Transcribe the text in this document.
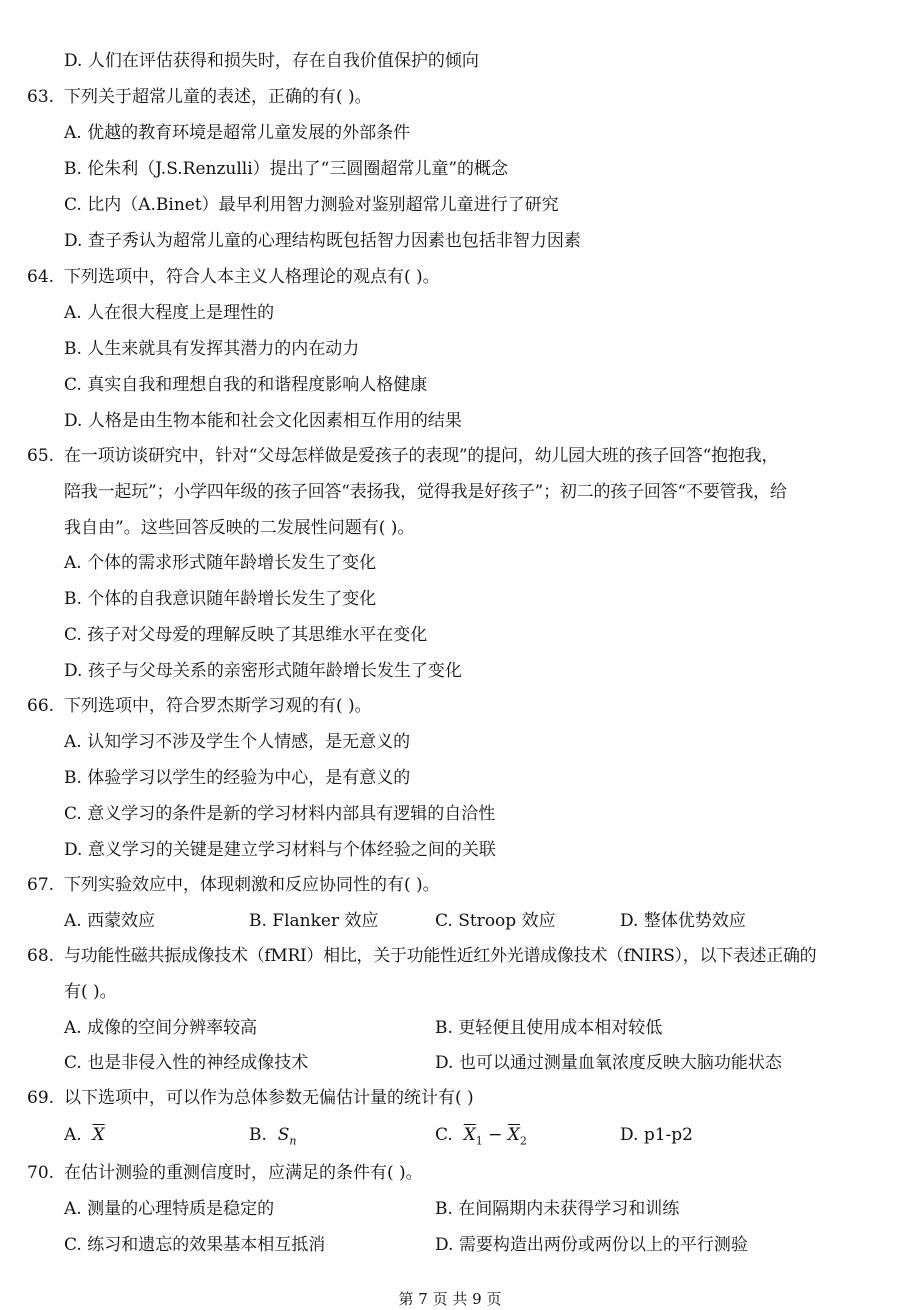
D. 人们在评估获得和损失时，存在自我价值保护的倾向
63. 下列关于超常儿童的表述，正确的有( )。
A. 优越的教育环境是超常儿童发展的外部条件
B. 伦朱利（J.S.Renzulli）提出了“三圆圈超常儿童”的概念
C. 比内（A.Binet）最早利用智力测验对鉴别超常儿童进行了研究
D. 查子秀认为超常儿童的心理结构既包括智力因素也包括非智力因素
64. 下列选项中，符合人本主义人格理论的观点有( )。
A. 人在很大程度上是理性的
B. 人生来就具有发挥其潜力的内在动力
C. 真实自我和理想自我的和谐程度影响人格健康
D. 人格是由生物本能和社会文化因素相互作用的结果
65. 在一项访谈研究中，针对“父母怎样做是爱孩子的表现”的提问，幼儿园大班的孩子回答“抱抱我，
陪我一起玩”；小学四年级的孩子回答“表扬我，觉得我是好孩子”；初二的孩子回答“不要管我，给
我自由”。这些回答反映的二发展性问题有( )。
A. 个体的需求形式随年龄增长发生了变化
B. 个体的自我意识随年龄增长发生了变化
C. 孩子对父母爱的理解反映了其思维水平在变化
D. 孩子与父母关系的亲密形式随年龄增长发生了变化
66. 下列选项中，符合罗杰斯学习观的有( )。
A. 认知学习不涉及学生个人情感，是无意义的
B. 体验学习以学生的经验为中心，是有意义的
C. 意义学习的条件是新的学习材料内部具有逻辑的自洽性
D. 意义学习的关键是建立学习材料与个体经验之间的关联
67. 下列实验效应中，体现刺激和反应协同性的有( )。
A. 西蒙效应	B. Flanker 效应	C. Stroop 效应	D. 整体优势效应
68. 与功能性磁共振成像技术（fMRI）相比，关于功能性近红外光谱成像技术（fNIRS），以下表述正确的
有( )。
A. 成像的空间分辨率较高	B. 更轻便且使用成本相对较低
C. 也是非侵入性的神经成像技术	D. 也可以通过测量血氧浓度反映大脑功能状态
69. 以下选项中，可以作为总体参数无偏估计量的统计有( )
A. $\overline{X}$	B. $S_n$	C. $\overline{X}_1 - \overline{X}_2$	D. p1-p2
70. 在估计测验的重测信度时，应满足的条件有( )。
A. 测量的心理特质是稳定的	B. 在间隔期内未获得学习和训练
C. 练习和遗忘的效果基本相互抵消	D. 需要构造出两份或两份以上的平行测验
第 7 页 共 9 页
